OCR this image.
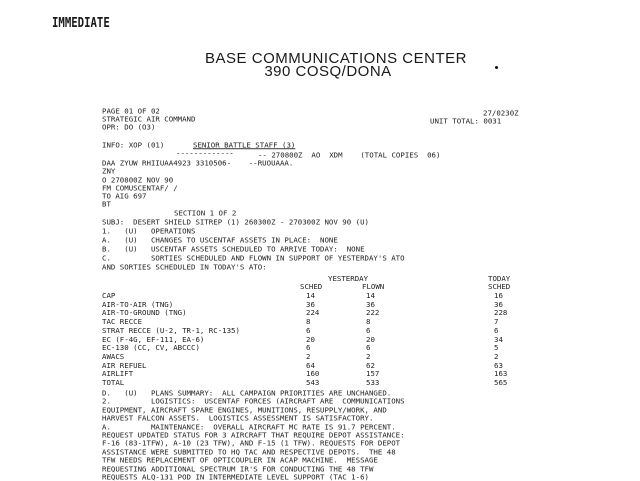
IMMEDIATE
BASE COMMUNICATIONS CENTER
390 COSQ/DONA
PAGE 01 OF 02
STRATEGIC AIR COMMAND
OPR: DO (O3)
27/0230Z
UNIT TOTAL: 0031
INFO: XOP (01)	SENIOR BATTLE STAFF (3)
-------------	-- 270800Z  AO  XDM    (TOTAL COPIES  06)
DAA ZYUW RHIIUAA4923 3310506-    --RUOUAAA.
ZNY
O 270800Z NOV 90
FM COMUSCENTAF/ /
TO AIG 697
BT
SECTION 1 OF 2
SUBJ:  DESERT SHIELD SITREP (1) 260300Z - 270300Z NOV 90 (U)
1.   (U)   OPERATIONS
A.   (U)   CHANGES TO USCENTAF ASSETS IN PLACE:  NONE
B.   (U)   USCENTAF ASSETS SCHEDULED TO ARRIVE TODAY:  NONE
C.         SORTIES SCHEDULED AND FLOWN IN SUPPORT OF YESTERDAY'S ATO
AND SORTIES SCHEDULED IN TODAY'S ATO:
YESTERDAY	TODAY
SCHED	FLOWN	SCHED
CAP	14	14	16
AIR-TO-AIR (TNG)	36	36	36
AIR-TO-GROUND (TNG)	224	222	228
TAC RECCE	8	8	7
STRAT RECCE (U-2, TR-1, RC-135)	6	6	6
EC (F-4G, EF-111, EA-6)	20	20	34
EC-130 (CC, CV, ABCCC)	6	6	5
AWACS	2	2	2
AIR REFUEL	64	62	63
AIRLIFT	160	157	163
TOTAL	543	533	565
D.   (U)   PLANS SUMMARY:  ALL CAMPAIGN PRIORITIES ARE UNCHANGED.
2.         LOGISTICS:  USCENTAF FORCES (AIRCRAFT ARE  COMMUNICATIONS
EQUIPMENT, AIRCRAFT SPARE ENGINES, MUNITIONS, RESUPPLY/WORK, AND
HARVEST FALCON ASSETS.  LOGISTICS ASSESSMENT IS SATISFACTORY.
A.         MAINTENANCE:  OVERALL AIRCRAFT MC RATE IS 91.7 PERCENT.
REQUEST UPDATED STATUS FOR 3 AIRCRAFT THAT REQUIRE DEPOT ASSISTANCE:
F-16 (83-1TFW), A-10 (23 TFW), AND F-15 (1 TFW). REQUESTS FOR DEPOT
ASSISTANCE WERE SUBMITTED TO HQ TAC AND RESPECTIVE DEPOTS.  THE 48
TFW NEEDS REPLACEMENT OF OPTICOUPLER IN ACAP MACHINE.  MESSAGE
REQUESTING ADDITIONAL SPECTRUM IR'S FOR CONDUCTING THE 48 TFW
REQUESTS ALQ-131 POD IN INTERMEDIATE LEVEL SUPPORT (TAC 1-6)
